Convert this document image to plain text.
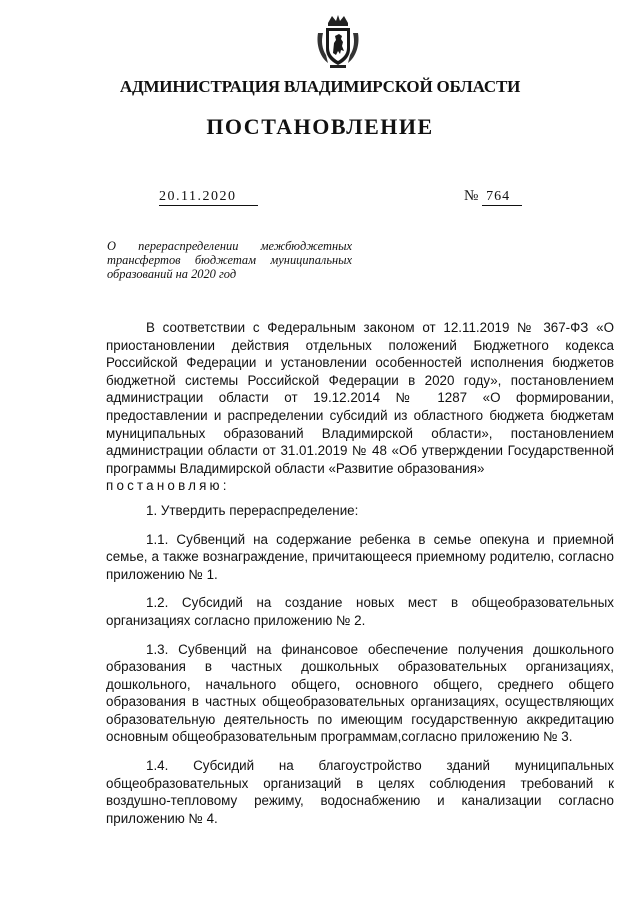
АДМИНИСТРАЦИЯ ВЛАДИМИРСКОЙ ОБЛАСТИ
ПОСТАНОВЛЕНИЕ
20.11.2020	№ 764
О перераспределении межбюджетных трансфертов бюджетам муниципальных образований на 2020 год

В соответствии с Федеральным законом от 12.11.2019 № 367-ФЗ «О приостановлении действия отдельных положений Бюджетного кодекса Российской Федерации и установлении особенностей исполнения бюджетов бюджетной системы Российской Федерации в 2020 году», постановлением администрации области от 19.12.2014 № 1287 «О формировании, предоставлении и распределении субсидий из областного бюджета бюджетам муниципальных образований Владимирской области», постановлением администрации области от 31.01.2019 № 48 «Об утверждении Государственной программы Владимирской области «Развитие образования»

постановляю:

1. Утвердить перераспределение:

1.1. Субвенций на содержание ребенка в семье опекуна и приемной семье, а также вознаграждение, причитающееся приемному родителю, согласно приложению № 1.

1.2. Субсидий на создание новых мест в общеобразовательных организациях согласно приложению № 2.

1.3. Субвенций на финансовое обеспечение получения дошкольного образования в частных дошкольных образовательных организациях, дошкольного, начального общего, основного общего, среднего общего образования в частных общеобразовательных организациях, осуществляющих образовательную деятельность по имеющим государственную аккредитацию основным общеобразовательным программам,согласно приложению № 3.

1.4. Субсидий на благоустройство зданий муниципальных общеобразовательных организаций в целях соблюдения требований к воздушно-тепловому режиму, водоснабжению и канализации согласно приложению № 4.
